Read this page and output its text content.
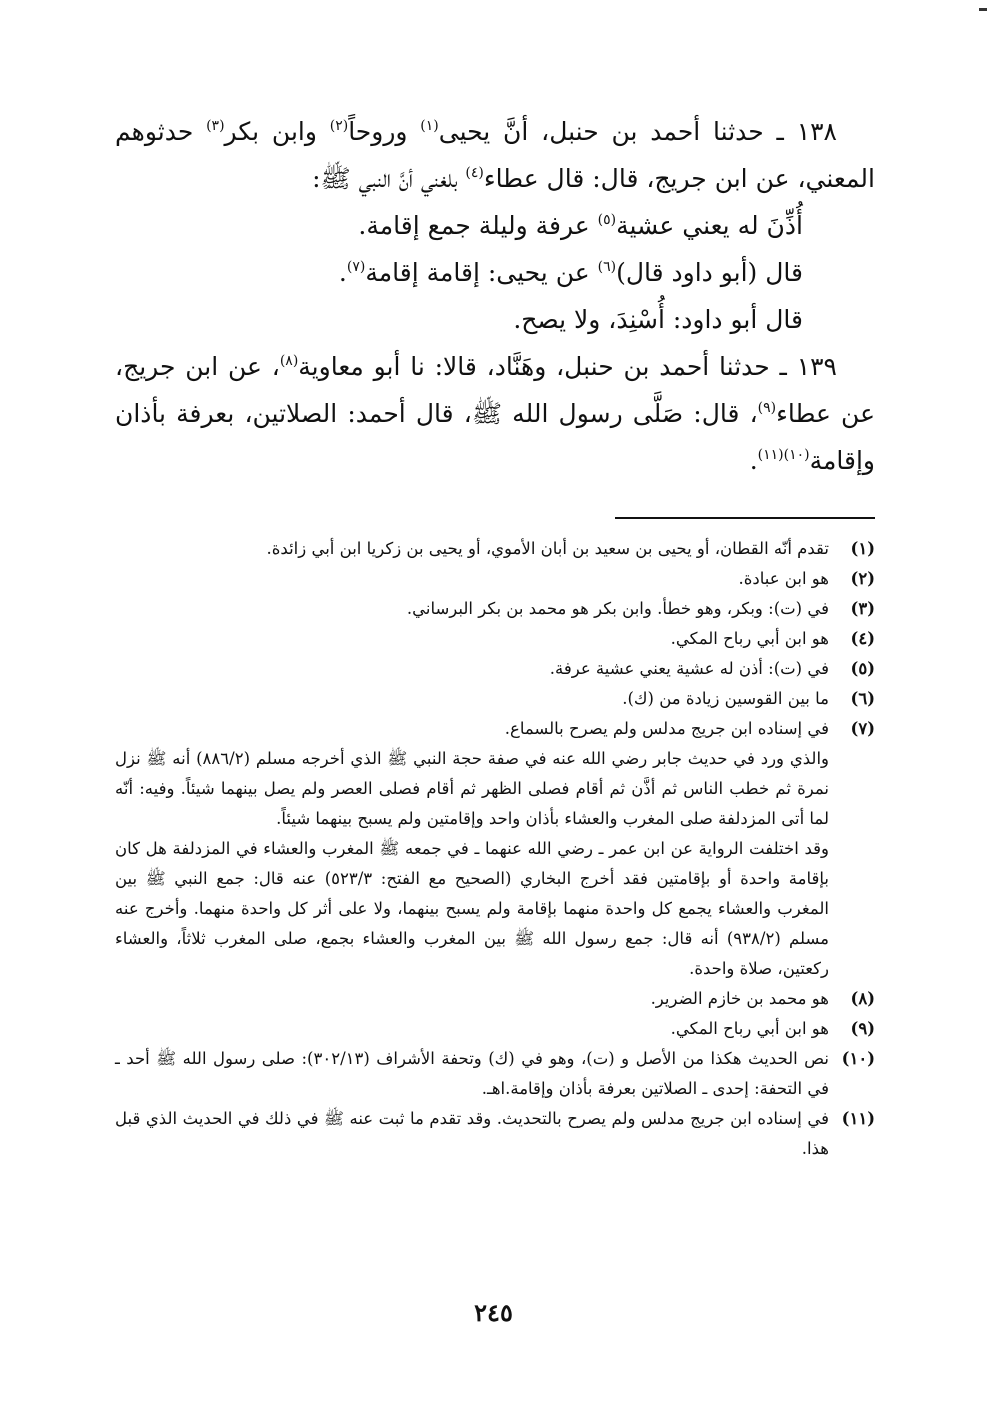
١٣٨ ـ حدثنا أحمد بن حنبل، أنَّ يحيى$^{(١)}$ وروحاً$^{(٢)}$ وابن بكر$^{(٣)}$ حدثوهم المعني، عن ابن جريج، قال: قال عطاء$^{(٤)}$ بلغني أنَّ النبي ﷺ:

أُذِّنَ له يعني عشية$^{(٥)}$ عرفة وليلة جمع إقامة.

قال (أبو داود قال)$^{(٦)}$ عن يحيى: إقامة إقامة$^{(٧)}$.

قال أبو داود: أُسْنِدَ، ولا يصح.

١٣٩ ـ حدثنا أحمد بن حنبل، وهَنَّاد، قالا: نا أبو معاوية$^{(٨)}$، عن ابن جريج، عن عطاء$^{(٩)}$، قال: صَلَّى رسول الله ﷺ، قال أحمد: الصلاتين، بعرفة بأذان وإقامة$^{(١٠)(١١)}$.

(١)
تقدم أنّه القطان، أو يحيى بن سعيد بن أبان الأموي، أو يحيى بن زكريا ابن أبي زائدة.
(٢)
هو ابن عبادة.
(٣)
في (ت): وبكر، وهو خطأ. وابن بكر هو محمد بن بكر البرساني.
(٤)
هو ابن أبي رباح المكي.
(٥)
في (ت): أذن له عشية يعني عشية عرفة.
(٦)
ما بين القوسين زيادة من (ك).
(٧)
في إسناده ابن جريج مدلس ولم يصرح بالسماع.
والذي ورد في حديث جابر رضي الله عنه في صفة حجة النبي ﷺ الذي أخرجه مسلم (٨٨٦/٢) أنه ﷺ نزل نمرة ثم خطب الناس ثم أذَّن ثم أقام فصلى الظهر ثم أقام فصلى العصر ولم يصل بينهما شيئاً. وفيه: أنّه لما أتى المزدلفة صلى المغرب والعشاء بأذان واحد وإقامتين ولم يسبح بينهما شيئاً.
وقد اختلفت الرواية عن ابن عمر ـ رضي الله عنهما ـ في جمعه ﷺ المغرب والعشاء في المزدلفة هل كان بإقامة واحدة أو بإقامتين فقد أخرج البخاري (الصحيح مع الفتح: ٥٢٣/٣) عنه قال: جمع النبي ﷺ بين المغرب والعشاء يجمع كل واحدة منهما بإقامة ولم يسبح بينهما، ولا على أثر كل واحدة منهما. وأخرج عنه مسلم (٩٣٨/٢) أنه قال: جمع رسول الله ﷺ بين المغرب والعشاء بجمع، صلى المغرب ثلاثاً، والعشاء ركعتين، صلاة واحدة.
(٨)
هو محمد بن خازم الضرير.
(٩)
هو ابن أبي رباح المكي.
(١٠)
نص الحديث هكذا من الأصل و (ت)، وهو في (ك) وتحفة الأشراف (٣٠٢/١٣): صلى رسول الله ﷺ أحد ـ في التحفة: إحدى ـ الصلاتين بعرفة بأذان وإقامة.اهـ.
(١١)
في إسناده ابن جريج مدلس ولم يصرح بالتحديث. وقد تقدم ما ثبت عنه ﷺ في ذلك في الحديث الذي قبل هذا.
٢٤٥
